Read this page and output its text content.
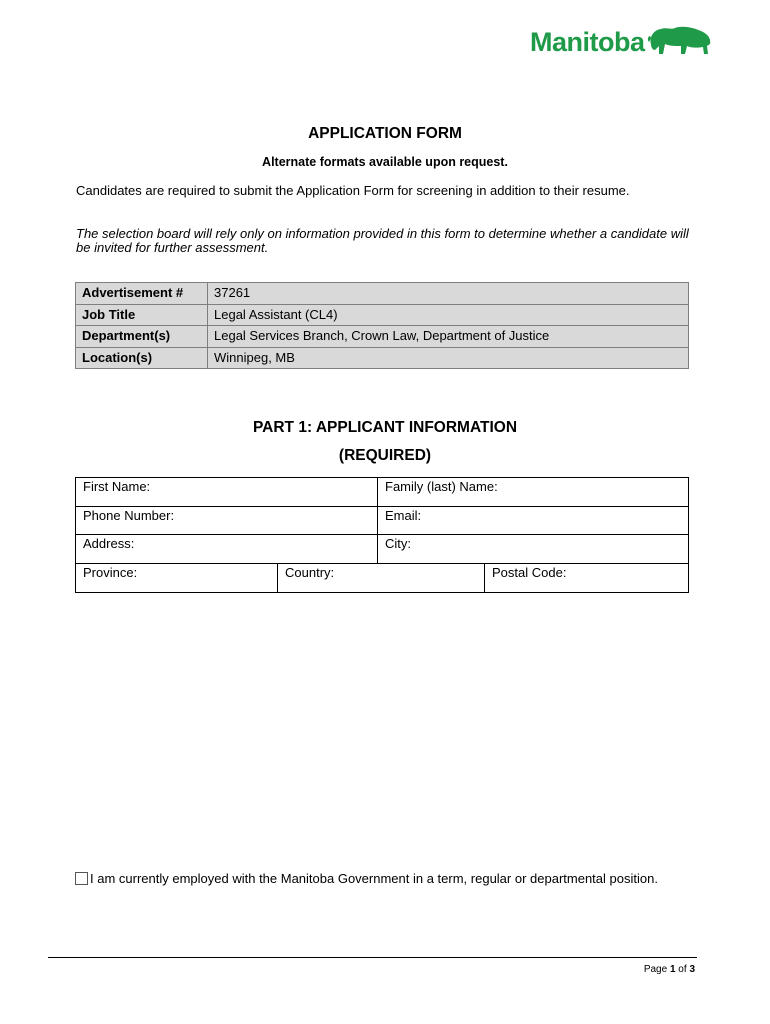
Manitoba
APPLICATION FORM
Alternate formats available upon request.
Candidates are required to submit the Application Form for screening in addition to their resume.
The selection board will rely only on information provided in this form to determine whether a candidate will be invited for further assessment.
Advertisement #	37261
Job Title	Legal Assistant (CL4)
Department(s)	Legal Services Branch, Crown Law, Department of Justice
Location(s)	Winnipeg, MB
PART 1: APPLICANT INFORMATION
(REQUIRED)
First Name:	Family (last) Name:
Phone Number:	Email:
Address:	City:
Province:	Country:	Postal Code:
I am currently employed with the Manitoba Government in a term, regular or departmental position.
Page 1 of 3
